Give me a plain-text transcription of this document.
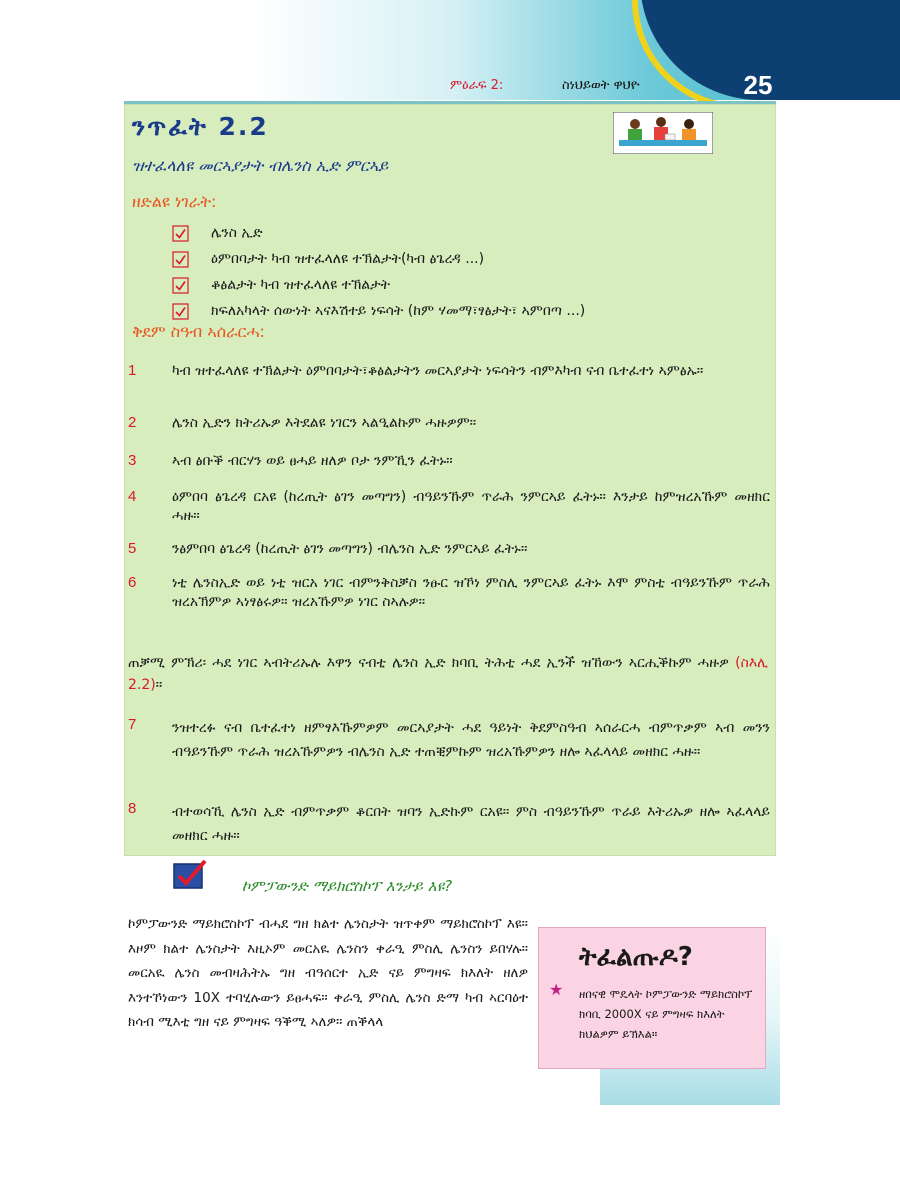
25
ምዕራፍ 2:	ስነህይወት ዋህዮ
ንጥፈት 2.2
ዝተፈላለዩ መርኣያታት ብሌንስ ኢድ ምርኣይ
ዘድልዩ ነገራት:
ሌንስ ኢድ
ዕምበባታት ካብ ዝተፈላለዩ ተኽልታት(ካብ ፅጌረዳ ...)
ቆፅልታት ካብ ዝተፈላለዩ ተኽልታት
ክፍለአካላት ሰውነት ኣናእሽተይ ነፍሳት (ከም ሃመማ፣ፃፅታት፣ ኣምበጣ ...)
ቅደም ስዓብ ኣሰራርሓ:
1	ካብ ዝተፈላለዩ ተኽልታት ዕምበባታት፣ቆፅልታትን መርኣያታት ነፍሳትን ብምእካብ ናብ ቤተፈተነ ኣምፅኡ።
2	ሌንስ ኢድን ክትሪኡዎ እትደልዩ ነገርን ኣልዒልኩም ሓዙዎም።
3	ኣብ ፅቡቕ ብርሃን ወይ ፀሓይ ዘለዎ ቦታ ንምኺን ፈትኑ።
4	ዕምበባ ፅጌረዳ ርአዩ (ከረጢት ፅገን መጣግን) ብዓይንኹም ጥራሕ ንምርኣይ ፈትኑ። እንታይ ከምዝረአኹም መዘክር ሓዙ።
5	ንፅምበባ ፅጌረዳ (ከረጢት ፅገን መጣግን) ብሌንስ ኢድ ንምርኣይ ፈትኑ።
6	ነቲ ሌንስኢድ ወይ ነቲ ዝርአ ነገር ብምንቅስቓስ ንፁር ዝኾነ ምስሊ ንምርኣይ ፈትኑ እሞ ምስቲ ብዓይንኹም ጥራሕ ዝረአኽምዎ ኣነፃፅሩዎ። ዝረአኹምዎ ነገር ስኣሉዎ።
ጠቓሚ ምኽሪ፡ ሓደ ነገር ኣብትሪኡሉ እዋን ናብቲ ሌንስ ኢድ ክባቢ ትሕቲ ሓደ ኢንች ዝኸውን ኣርሒቕኩም ሓዙዎ (ስእሊ 2.2)።
7	ንዝተረፉ ናብ ቤተፈተነ ዘምፃእኹምዎም መርኣያታት ሓደ ዓይነት ቅደምስዓብ ኣሰራርሓ ብምጥቃም ኣብ መንን ብዓይንኹም ጥራሕ ዝረአኹምዎን ብሌንስ ኢድ ተጠቒምኩም ዝረአኹምዎን ዘሎ ኣፈላላይ መዘክር ሓዙ።
8	ብተወሳኺ ሌንስ ኢድ ብምጥቃም ቆርበት ዝባን ኢድኩም ርአዩ። ምስ ብዓይንኹም ጥራይ እትሪኡዎ ዘሎ ኣፈላላይ መዘክር ሓዙ።
ኮምፓውንድ ማይክሮስኮፕ እንታይ እዩ?
ኮምፓውንድ ማይክሮስኮፕ ብሓደ ግዘ ክልተ ሌንስታት ዝጥቀም ማይክሮስኮፕ እዩ። እዞም ክልተ ሌንስታት እዚኦም መርአዪ ሌንስን ቀራዒ ምስሊ ሌንስን ይበሃሉ። መርአዪ ሌንስ መብዛሕትኡ ግዘ ብዓሰርተ ኢድ ናይ ምግዛፍ ክእለት ዘለዎ እንተኾነውን 10X ተባሂሉውን ይፀሓፍ። ቀራዒ ምስሊ ሌንስ ድማ ካብ ኣርባዕተ ክሳብ ሚእቲ ግዘ ናይ ምግዛፍ ዓቕሚ ኣለዎ። ጠቕላላ
ትፈልጡዶ?
★ ዘበናዊ ሞዴላት ኮምፓውንድ ማይክሮስኮፕ ክባቢ 2000X ናይ ምግዛፍ ክእለት ክህልዎም ይኽእል።
